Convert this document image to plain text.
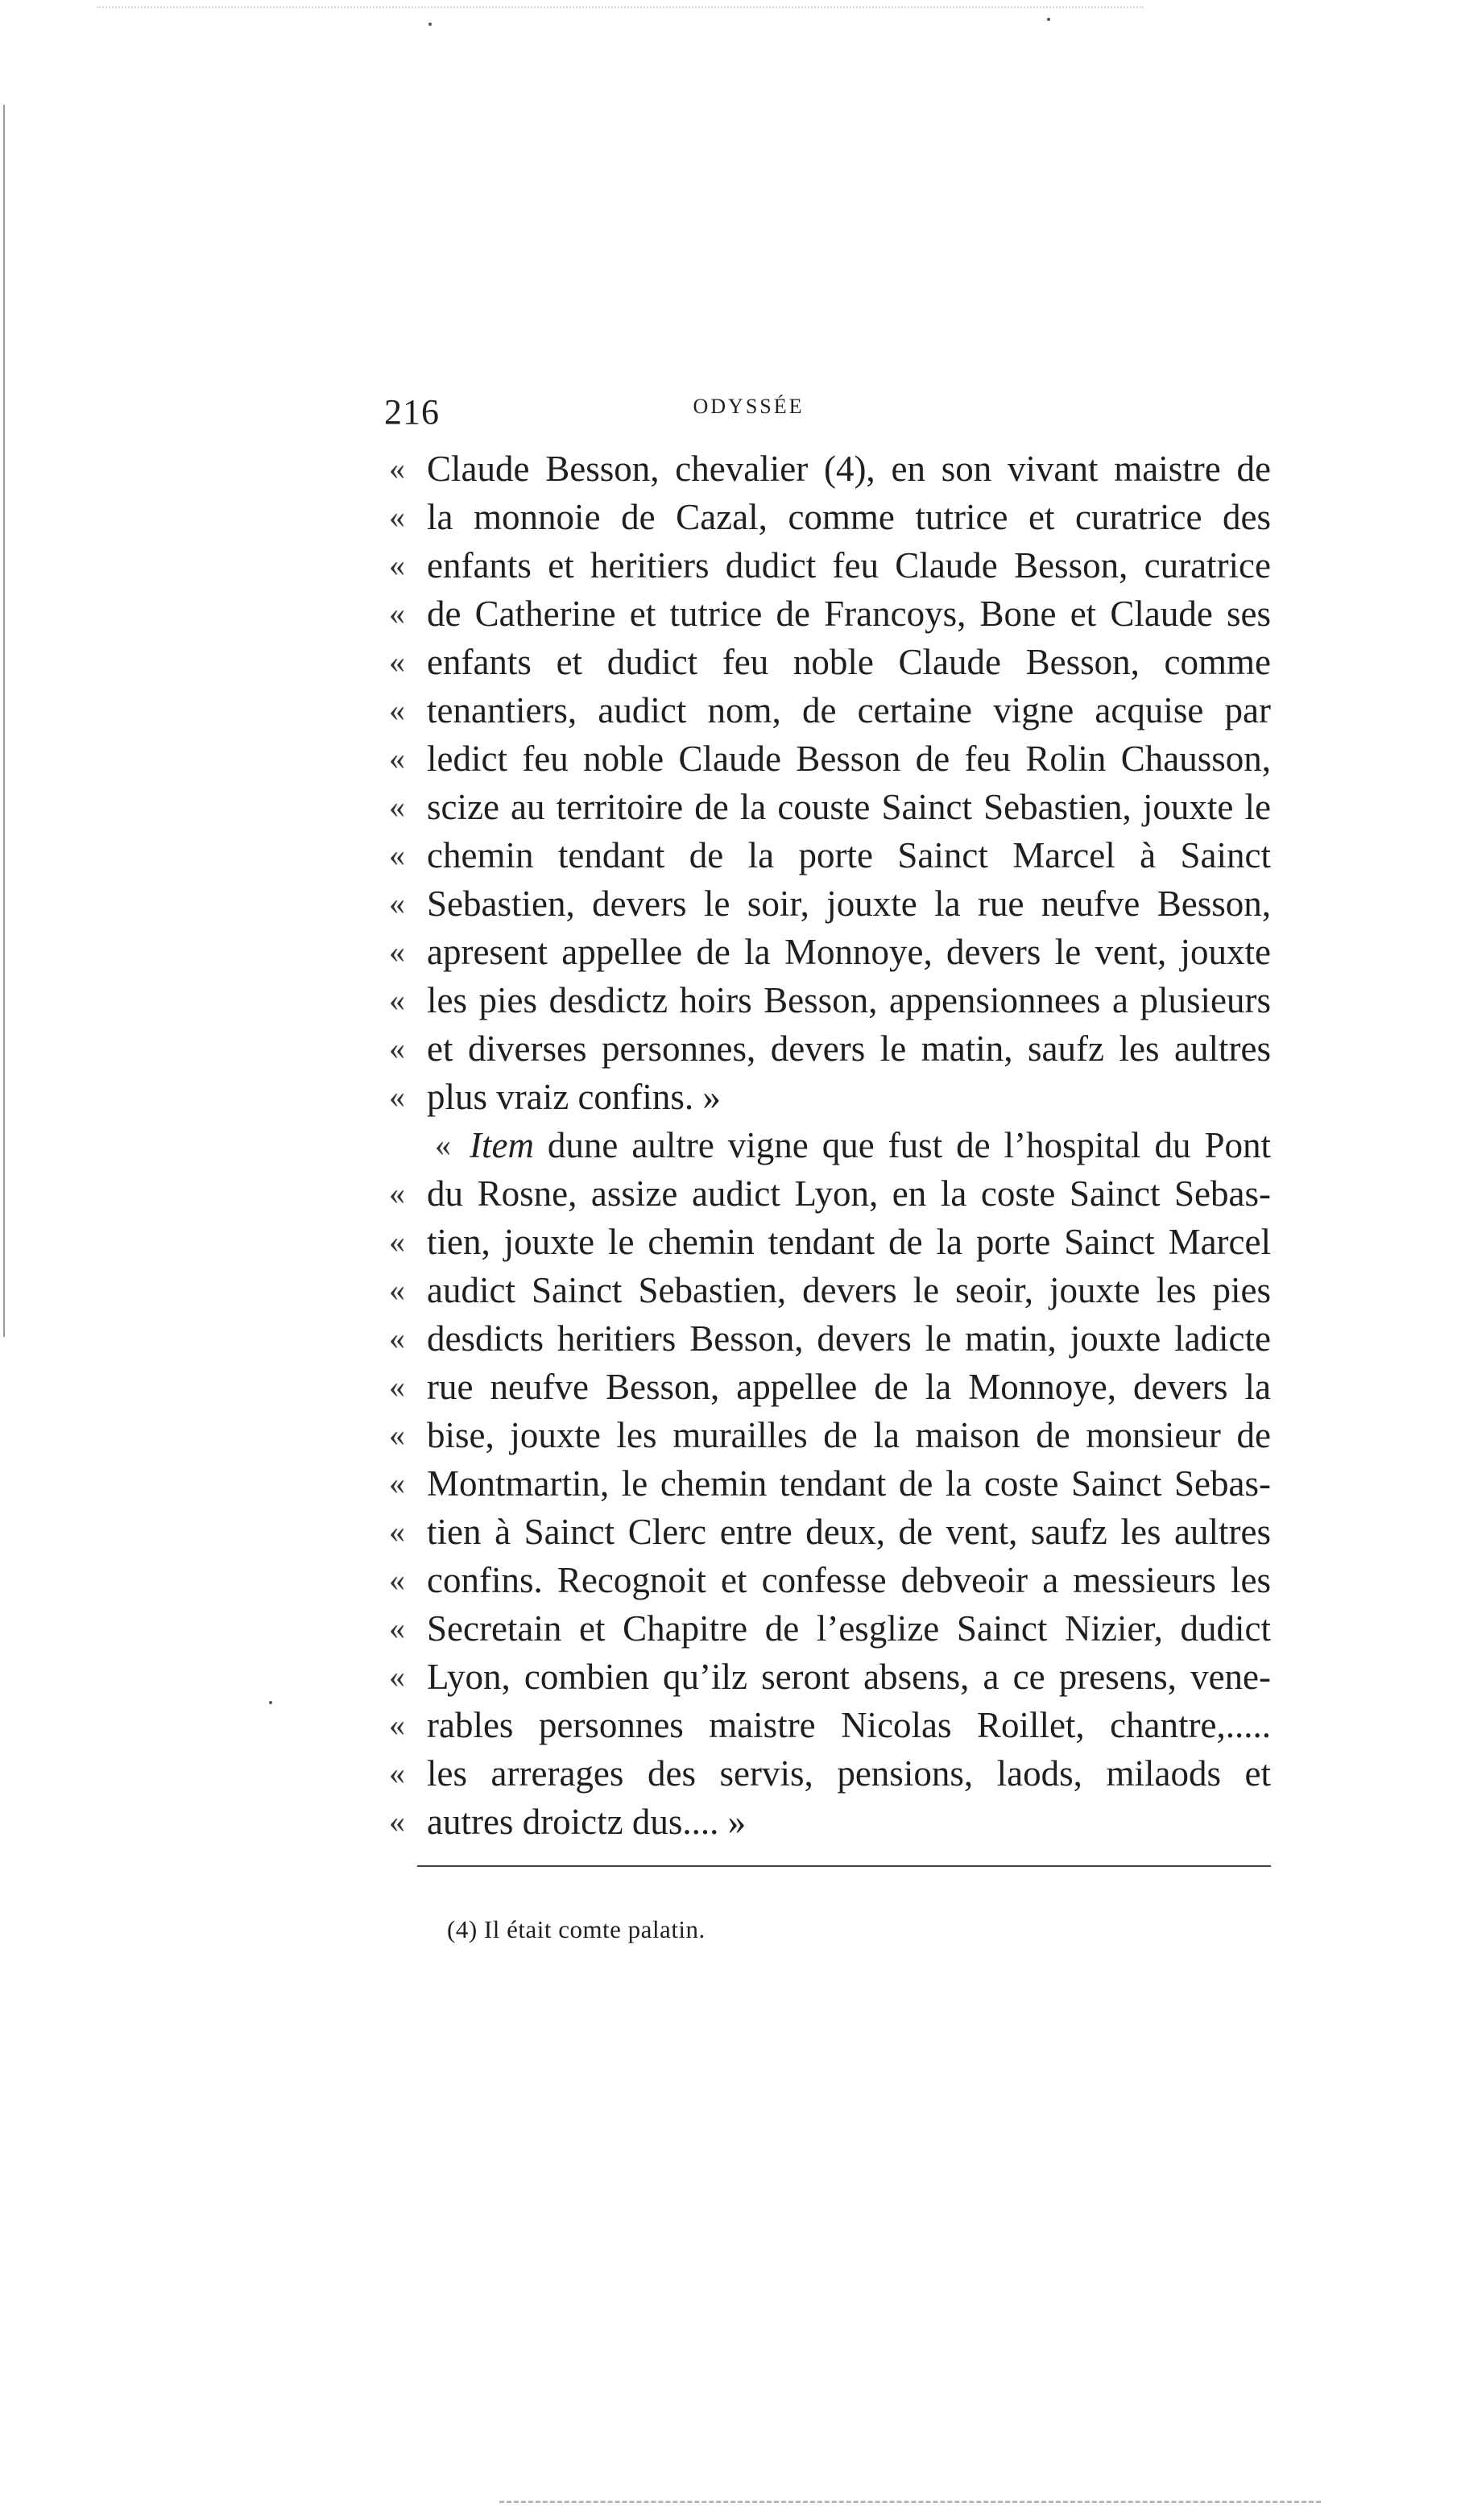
216	ODYSSÉE
« Claude Besson, chevalier (4), en son vivant maistre de
« la monnoie de Cazal, comme tutrice et curatrice des
« enfants et heritiers dudict feu Claude Besson, curatrice
« de Catherine et tutrice de Francoys, Bone et Claude ses
« enfants et dudict feu noble Claude Besson, comme
« tenantiers, audict nom, de certaine vigne acquise par
« ledict feu noble Claude Besson de feu Rolin Chausson,
« scize au territoire de la couste Sainct Sebastien, jouxte le
« chemin tendant de la porte Sainct Marcel à Sainct
« Sebastien, devers le soir, jouxte la rue neufve Besson,
« apresent appellee de la Monnoye, devers le vent, jouxte
« les pies desdictz hoirs Besson, appensionnees a plusieurs
« et diverses personnes, devers le matin, saufz les aultres
« plus vraiz confins. »
« Item dune aultre vigne que fust de l’hospital du Pont
« du Rosne, assize audict Lyon, en la coste Sainct Sebas-
« tien, jouxte le chemin tendant de la porte Sainct Marcel
« audict Sainct Sebastien, devers le seoir, jouxte les pies
« desdicts heritiers Besson, devers le matin, jouxte ladicte
« rue neufve Besson, appellee de la Monnoye, devers la
« bise, jouxte les murailles de la maison de monsieur de
« Montmartin, le chemin tendant de la coste Sainct Sebas-
« tien à Sainct Clerc entre deux, de vent, saufz les aultres
« confins. Recognoit et confesse debveoir a messieurs les
« Secretain et Chapitre de l’esglize Sainct Nizier, dudict
« Lyon, combien qu’ilz seront absens, a ce presens, vene-
« rables personnes maistre Nicolas Roillet, chantre,.....
« les arrerages des servis, pensions, laods, milaods et
« autres droictz dus.... »
(4) Il était comte palatin.
